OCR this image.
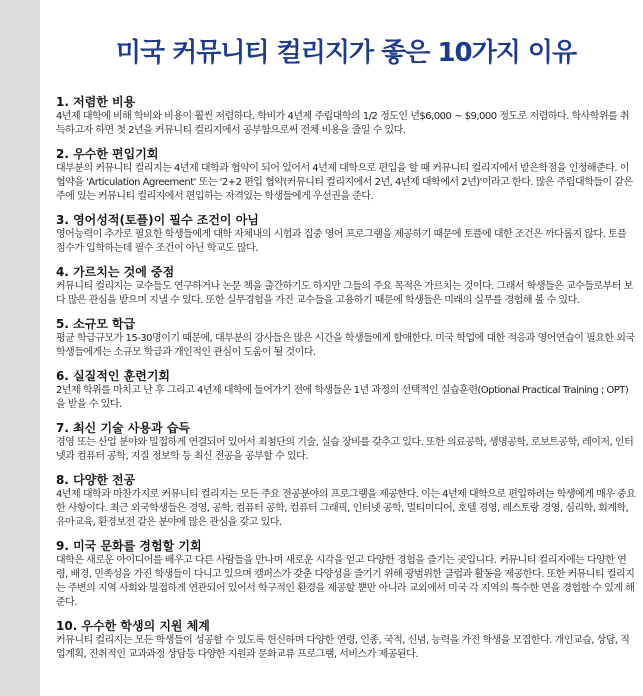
미국 커뮤니티 컬리지가 좋은 10가지 이유
1. 저렴한 비용
4년제 대학에 비해 학비와 비용이 훨씬 저렴하다. 학비가 4년제 주립대학의 1/2 정도인 년$6,000 ~ $9,000 정도로 저렴하다. 학사학위를 취득하고자 하면 첫 2년을 커뮤니티 컬리지에서 공부함으로써 전체 비용을 줄일 수 있다.
2. 우수한 편입기회
대부분의 커뮤니티 컬리지는 4년제 대학과 협약이 되어 있어서 4년제 대학으로 편입을 할 때 커뮤니티 컬리지에서 받은학점을 인정해준다. 이 협약을 'Articulation Agreement' 또는 '2+2 편입 협약(커뮤니티 컬리지에서 2년, 4년제 대학에서 2년)'이라고 한다. 많은 주립대학들이 같은 주에 있는 커뮤니티 컬리지에서 편입하는 자격있는 학생들에게 우선권을 준다.
3. 영어성적(토플)이 필수 조건이 아님
영어능력이 추가로 필요한 학생들에게 대학 자체내의 시험과 집중 영어 프로그램을 제공하기 때문에 토플에 대한 조건은 까다롭지 않다. 토플 점수가 입학하는데 필수 조건이 아닌 학교도 많다.
4. 가르치는 것에 중점
커뮤니티 컬리지는 교수들도 연구하거나 논문 책을 출간하기도 하지만 그들의 주요 목적은 가르치는 것이다. 그래서 학생들은 교수들로부터 보다 많은 관심을 받으며 지낼 수 있다. 또한 실무경험을 가진 교수들을 고용하기 때문에 학생들은 미래의 실무를 경험해 볼 수 있다.
5. 소규모 학급
평균 학급규모가 15-30명이기 때문에, 대부분의 강사들은 많은 시간을 학생들에게 할애한다. 미국 학업에 대한 적응과 영어연습이 필요한 외국 학생들에게는 소규모 학급과 개인적인 관심이 도움이 될 것이다.
6. 실질적인 훈련기회
2년제 학위를 마치고 난 후 그리고 4년제 대학에 들어가기 전에 학생들은 1년 과정의 선택적인 실습훈련(Optional Practical Training ; OPT)을 받을 수 있다.
7. 최신 기술 사용과 습득
경영 또는 산업 분야와 밀접하게 연결되어 있어서 최첨단의 기술, 실습 장비를 갖추고 있다. 또한 의료공학, 생명공학, 로보트공학, 레이저, 인터넷과 컴퓨터 공학, 지질 정보학 등 최신 전공을 공부할 수 있다.
8. 다양한 전공
4년제 대학과 마찬가지로 커뮤니티 컬리지는 모든 주요 전공분야의 프로그램을 제공한다. 이는 4년제 대학으로 편입하려는 학생에게 매우 중요한 사항이다. 최근 외국학생들은 경영, 공학, 컴퓨터 공학, 컴퓨터 그래픽, 인터넷 공학, 멀티미디어, 호텔 경영, 레스토랑 경영, 심리학, 회계학, 유아교육, 환경보전 같은 분야에 많은 관심을 갖고 있다.
9. 미국 문화를 경험할 기회
대학은 새로운 아이디어를 배우고 다른 사람들을 만나며 새로운 시각을 얻고 다양한 경험을 즐기는 곳입니다. 커뮤니티 컬리지에는 다양한 연령, 배경, 민족성을 가진 학생들이 다니고 있으며 캠퍼스가 갖춘 다양성을 즐기기 위해 광범위한 클럽과 활동을 제공한다. 또한 커뮤니티 컬리지는 주변의 지역 사회와 밀접하게 연관되어 있어서 학구적인 환경을 제공할 뿐만 아니라 교외에서 미국 각 지역의 특수한 면을 경험할 수 있게 해 준다.
10. 우수한 학생의 지원 체계
커뮤니티 컬리지는 모든 학생들이 성공할 수 있도록 헌신하며 다양한 연령, 인종, 국적, 신념, 능력을 가진 학생을 모집한다. 개인교습, 상담, 직업계획, 진취적인 교과과정 상담등 다양한 지원과 문화교류 프로그램, 서비스가 제공된다.
